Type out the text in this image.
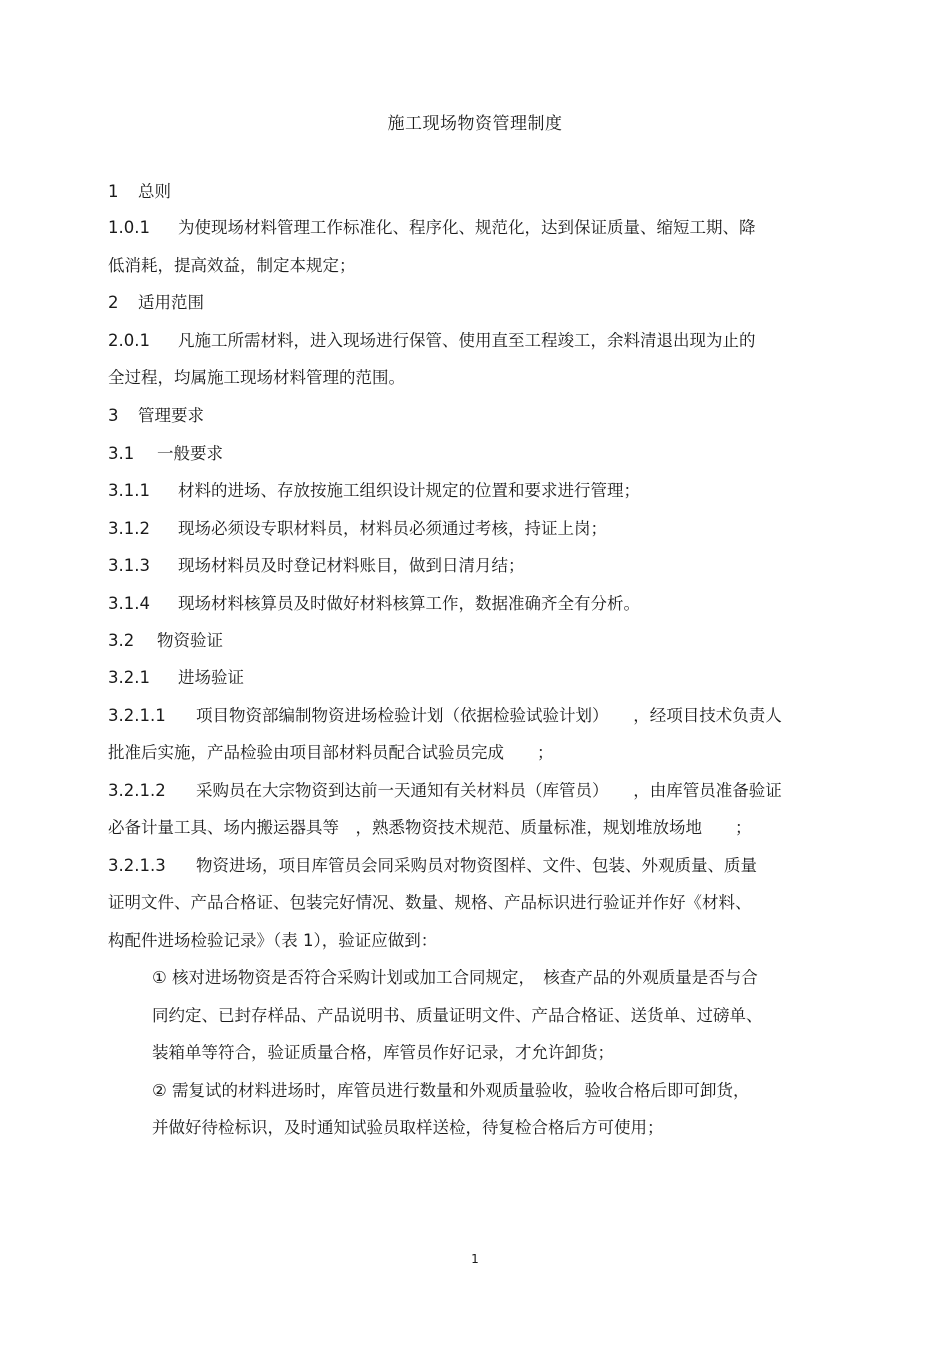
施工现场物资管理制度
1 总则
1.0.1 为使现场材料管理工作标准化、程序化、规范化，达到保证质量、缩短工期、降
低消耗，提高效益，制定本规定；
2 适用范围
2.0.1 凡施工所需材料，进入现场进行保管、使用直至工程竣工，余料清退出现为止的
全过程，均属施工现场材料管理的范围。
3 管理要求
3.1 一般要求
3.1.1 材料的进场、存放按施工组织设计规定的位置和要求进行管理；
3.1.2 现场必须设专职材料员，材料员必须通过考核，持证上岗；
3.1.3 现场材料员及时登记材料账目，做到日清月结；
3.1.4 现场材料核算员及时做好材料核算工作，数据准确齐全有分析。
3.2 物资验证
3.2.1 进场验证
3.2.1.1 项目物资部编制物资进场检验计划（依据检验试验计划）　　，经项目技术负责人
批准后实施，产品检验由项目部材料员配合试验员完成　　；
3.2.1.2 采购员在大宗物资到达前一天通知有关材料员（库管员）　　，由库管员准备验证
必备计量工具、场内搬运器具等　，熟悉物资技术规范、质量标准，规划堆放场地　　；
3.2.1.3 物资进场，项目库管员会同采购员对物资图样、文件、包装、外观质量、质量
证明文件、产品合格证、包装完好情况、数量、规格、产品标识进行验证并作好《材料、
构配件进场检验记录》（表 1），验证应做到：
① 核对进场物资是否符合采购计划或加工合同规定，　核查产品的外观质量是否与合
同约定、已封存样品、产品说明书、质量证明文件、产品合格证、送货单、过磅单、
装箱单等符合，验证质量合格，库管员作好记录，才允许卸货；
② 需复试的材料进场时，库管员进行数量和外观质量验收，验收合格后即可卸货，
并做好待检标识，及时通知试验员取样送检，待复检合格后方可使用；
1
